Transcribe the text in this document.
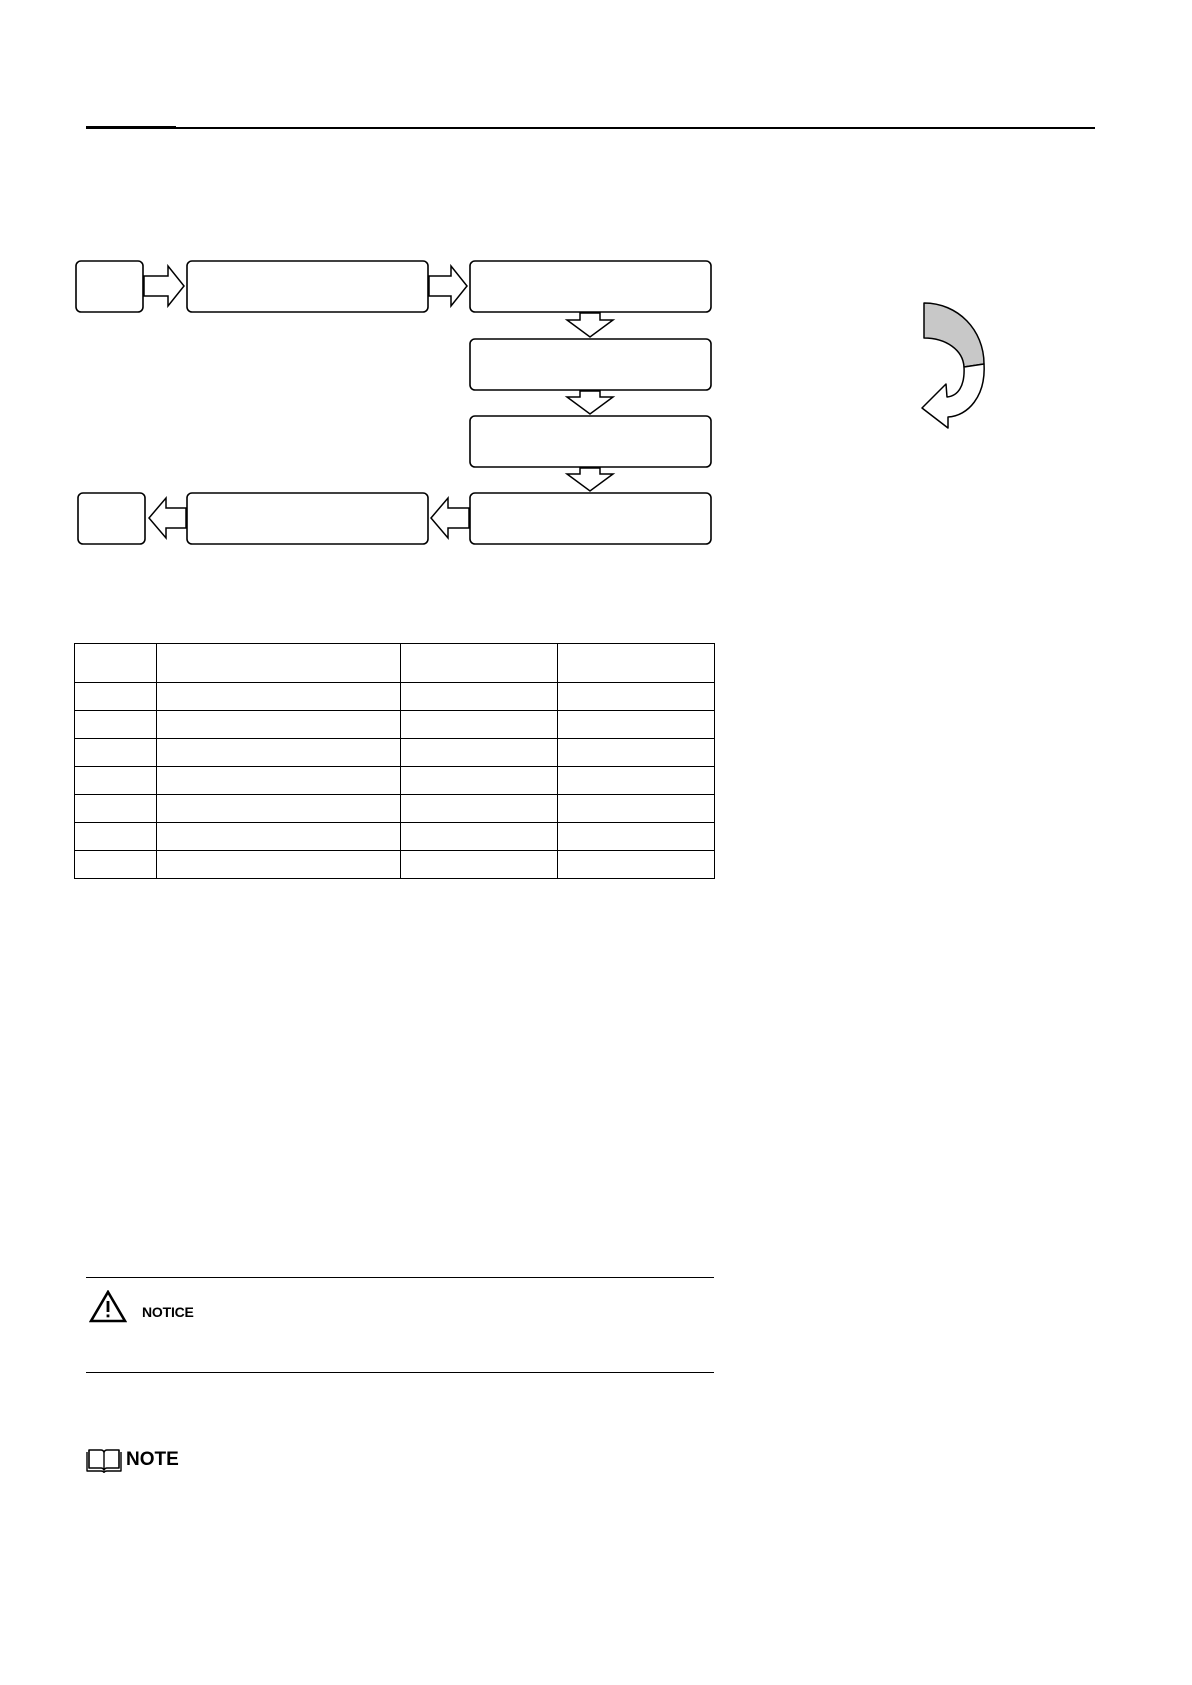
NOTICE
NOTE
